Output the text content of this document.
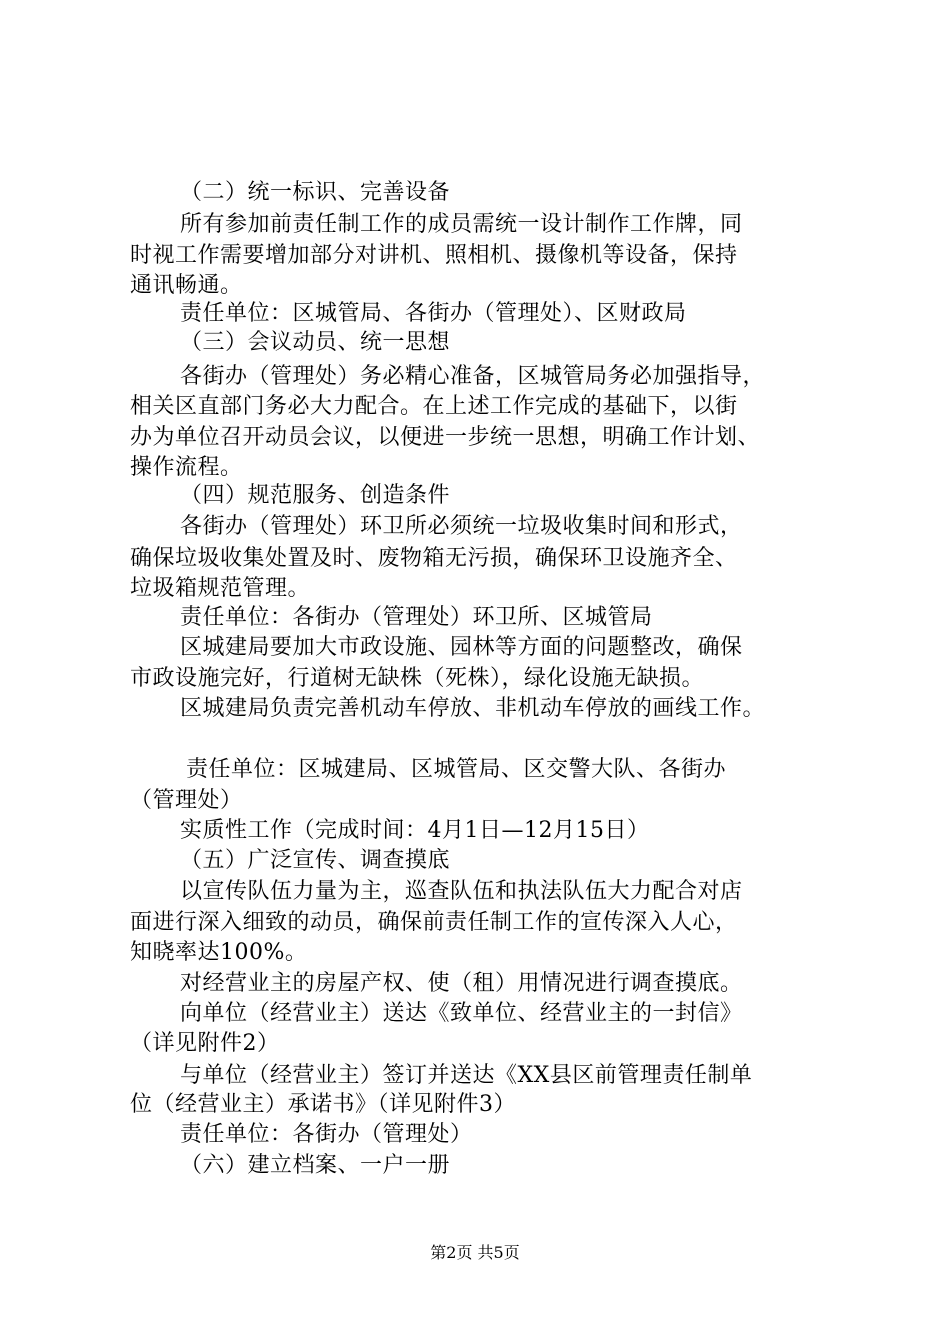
（二）统一标识、完善设备
所有参加前责任制工作的成员需统一设计制作工作牌，同
时视工作需要增加部分对讲机、照相机、摄像机等设备，保持
通讯畅通。
责任单位：区城管局、各街办（管理处）、区财政局
（三）会议动员、统一思想
各街办（管理处）务必精心准备，区城管局务必加强指导，
相关区直部门务必大力配合。在上述工作完成的基础下，以街
办为单位召开动员会议，以便进一步统一思想，明确工作计划、
操作流程。
（四）规范服务、创造条件
各街办（管理处）环卫所必须统一垃圾收集时间和形式，
确保垃圾收集处置及时、废物箱无污损，确保环卫设施齐全、
垃圾箱规范管理。
责任单位：各街办（管理处）环卫所、区城管局
区城建局要加大市政设施、园林等方面的问题整改，确保
市政设施完好，行道树无缺株（死株），绿化设施无缺损。
区城建局负责完善机动车停放、非机动车停放的画线工作。
责任单位：区城建局、区城管局、区交警大队、各街办
（管理处）
实质性工作（完成时间：4月1日—12月15日）
（五）广泛宣传、调查摸底
以宣传队伍力量为主，巡查队伍和执法队伍大力配合对店
面进行深入细致的动员，确保前责任制工作的宣传深入人心，
知晓率达100%。
对经营业主的房屋产权、使（租）用情况进行调查摸底。
向单位（经营业主）送达《致单位、经营业主的一封信》
（详见附件2）
与单位（经营业主）签订并送达《XX县区前管理责任制单
位（经营业主）承诺书》（详见附件3）
责任单位：各街办（管理处）
（六）建立档案、一户一册
第2页 共5页
